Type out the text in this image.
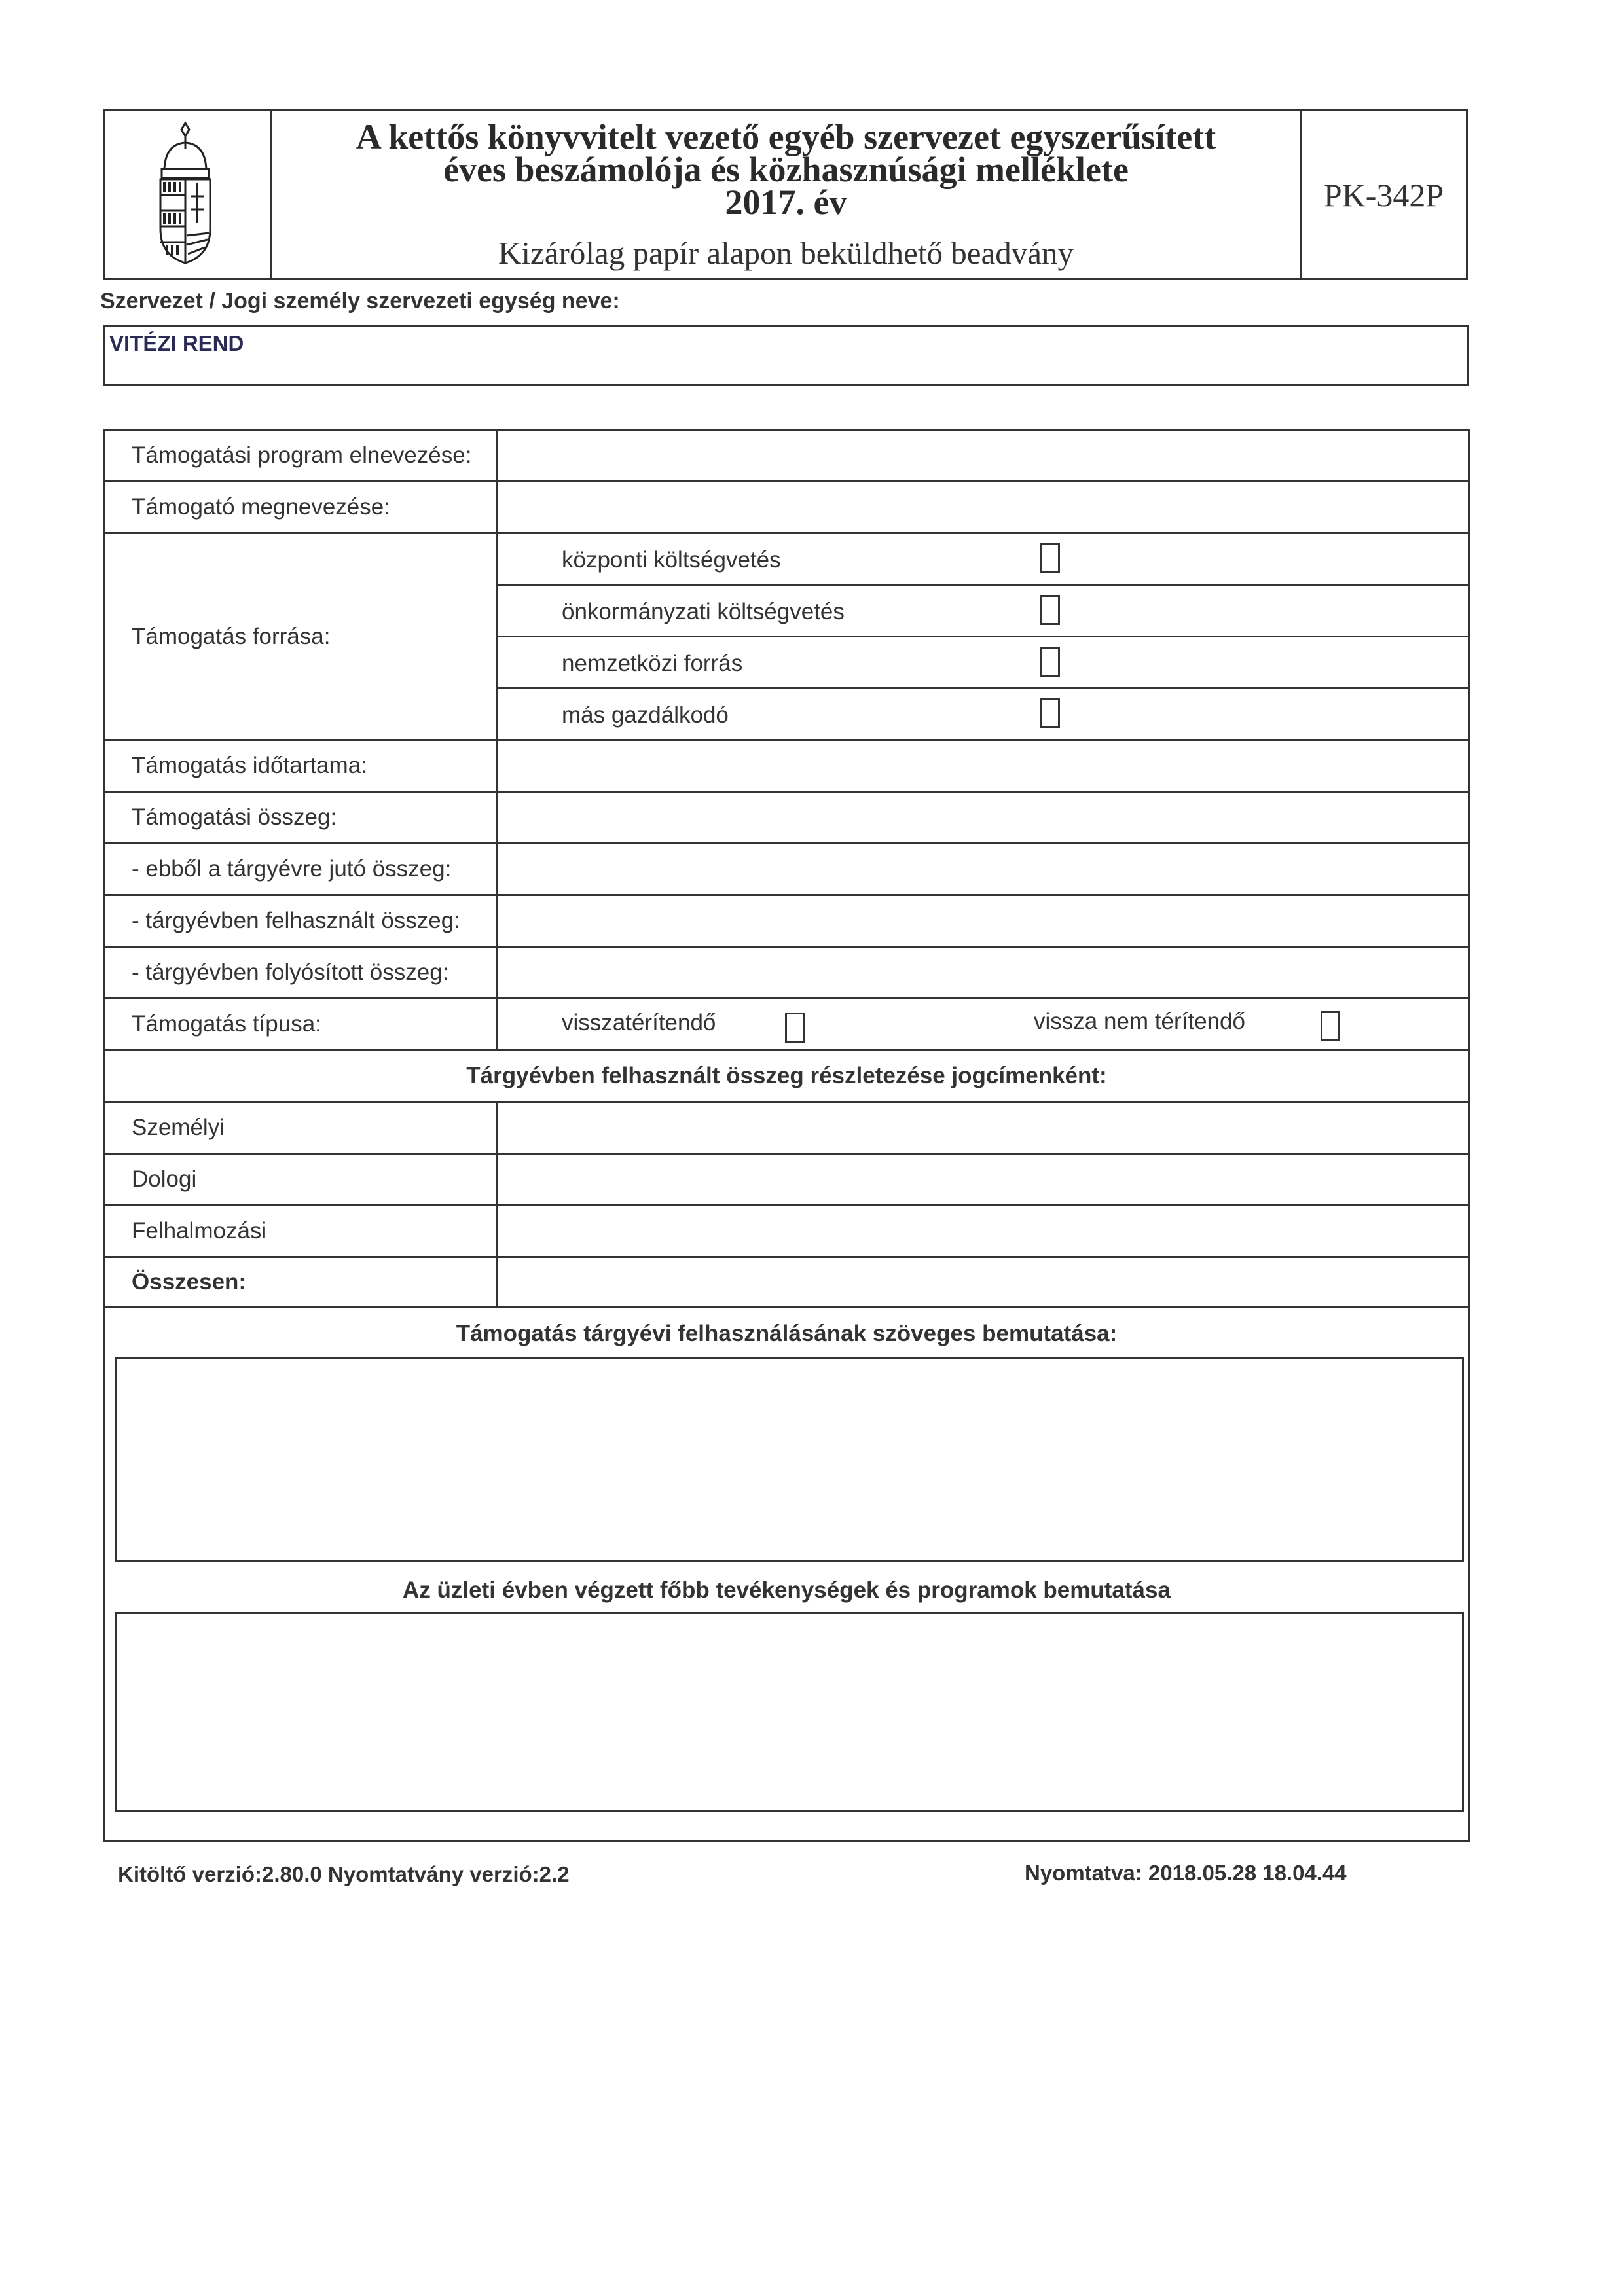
A kettős könyvvitelt vezető egyéb szervezet egyszerűsített
éves beszámolója és közhasznúsági melléklete
2017. év
Kizárólag papír alapon beküldhető beadvány
PK-342P
Szervezet / Jogi személy szervezeti egység neve:
VITÉZI REND
Támogatási program elnevezése:
Támogató megnevezése:
Támogatás forrása:
központi költségvetés
önkormányzati költségvetés
nemzetközi forrás
más gazdálkodó
Támogatás időtartama:
Támogatási összeg:
- ebből a tárgyévre jutó összeg:
- tárgyévben felhasznált összeg:
- tárgyévben folyósított összeg:
Támogatás típusa:	visszatérítendő	vissza nem térítendő
Tárgyévben felhasznált összeg részletezése jogcímenként:
Személyi
Dologi
Felhalmozási
Összesen:
Támogatás tárgyévi felhasználásának szöveges bemutatása:
Az üzleti évben végzett főbb tevékenységek és programok bemutatása
Kitöltő verzió:2.80.0 Nyomtatvány verzió:2.2	Nyomtatva: 2018.05.28 18.04.44
